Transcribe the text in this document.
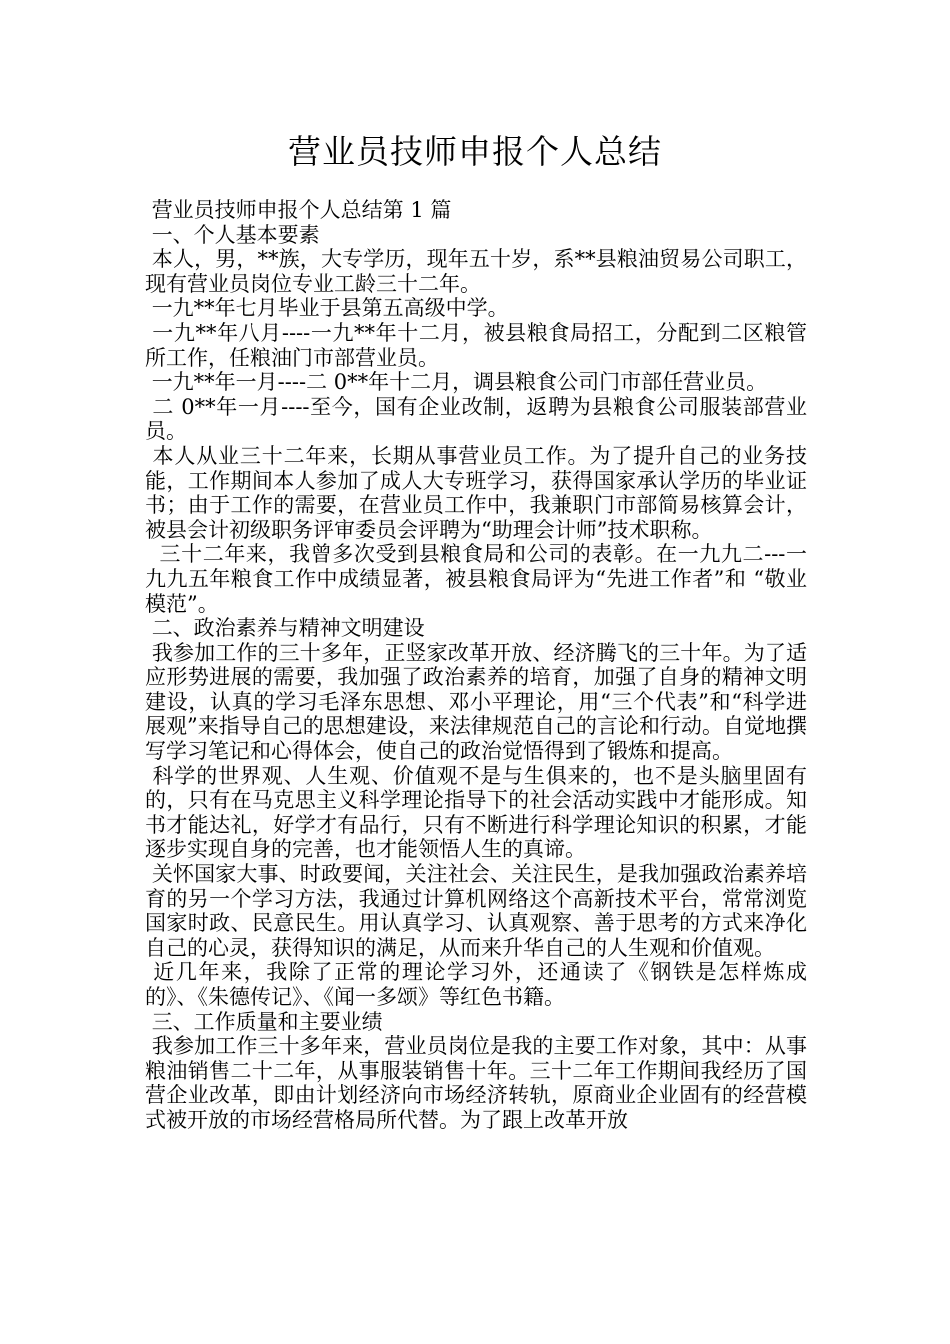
营业员技师申报个人总结

营业员技师申报个人总结第 1 篇

一、个人基本要素

本人，男，**族，大专学历，现年五十岁，系**县粮油贸易公司职工，现有营业员岗位专业工龄三十二年。

一九**年七月毕业于县第五高级中学。

一九**年八月----一九**年十二月，被县粮食局招工，分配到二区粮管所工作，任粮油门市部营业员。

一九**年一月----二 0**年十二月，调县粮食公司门市部任营业员。

二 0**年一月----至今，国有企业改制，返聘为县粮食公司服装部营业员。

本人从业三十二年来，长期从事营业员工作。为了提升自己的业务技能，工作期间本人参加了成人大专班学习，获得国家承认学历的毕业证书；由于工作的需要，在营业员工作中，我兼职门市部简易核算会计，被县会计初级职务评审委员会评聘为“助理会计师”技术职称。

三十二年来，我曾多次受到县粮食局和公司的表彰。在一九九二---一九九五年粮食工作中成绩显著，被县粮食局评为“先进工作者”和 “敬业模范”。

二、政治素养与精神文明建设

我参加工作的三十多年，正竖家改革开放、经济腾飞的三十年。为了适应形势进展的需要，我加强了政治素养的培育，加强了自身的精神文明建设，认真的学习毛泽东思想、邓小平理论，用“三个代表”和“科学进展观”来指导自己的思想建设，来法律规范自己的言论和行动。自觉地撰写学习笔记和心得体会，使自己的政治觉悟得到了锻炼和提高。

科学的世界观、人生观、价值观不是与生俱来的，也不是头脑里固有的，只有在马克思主义科学理论指导下的社会活动实践中才能形成。知书才能达礼，好学才有品行，只有不断进行科学理论知识的积累，才能逐步实现自身的完善，也才能领悟人生的真谛。

关怀国家大事、时政要闻，关注社会、关注民生，是我加强政治素养培育的另一个学习方法，我通过计算机网络这个高新技术平台，常常浏览国家时政、民意民生。用认真学习、认真观察、善于思考的方式来净化自己的心灵，获得知识的满足，从而来升华自己的人生观和价值观。

近几年来，我除了正常的理论学习外，还通读了《钢铁是怎样炼成的》、《朱德传记》、《闻一多颂》等红色书籍。

三、工作质量和主要业绩

我参加工作三十多年来，营业员岗位是我的主要工作对象，其中：从事粮油销售二十二年，从事服装销售十年。三十二年工作期间我经历了国营企业改革，即由计划经济向市场经济转轨，原商业企业固有的经营模式被开放的市场经营格局所代替。为了跟上改革开放
